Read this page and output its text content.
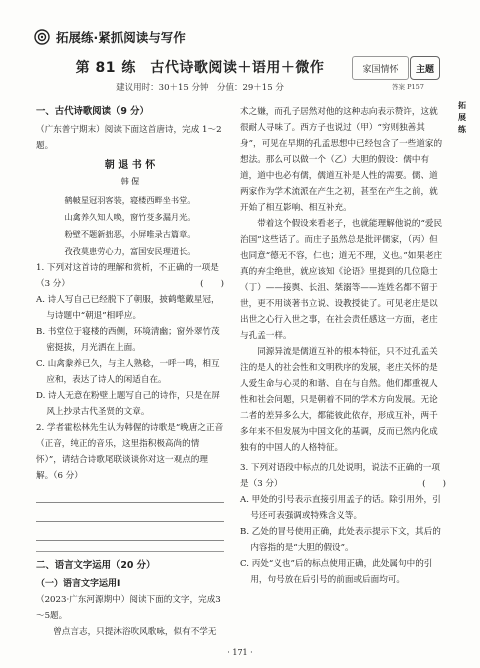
拓展练·紧抓阅读与写作
第 81 练　古代诗歌阅读＋语用＋微作
建议用时：30＋15 分钟　分值：29＋15 分
家国情怀	主题
答案 P157
拓
展
练
一、古代诗歌阅读（9 分）

（广东普宁期末）阅读下面这首唐诗，完成 1～2题。

朝 退 书 怀
韩 偓
鹤帔星冠羽客装，寝楼西畔坐书堂。
山禽养久知人唤，窗竹芟多漏月光。
粉壁不题新拙恶，小屏唯录古篇章。
孜孜莫患劳心力，富国安民理道长。

1. 下列对这首诗的理解和赏析，不正确的一项是（3 分）	(　　)

A. 诗人写自己已经脱下了朝服，披鹤氅戴星冠，与诗题中“朝退”相呼应。

B. 书堂位于寝楼的西侧，环境清幽；窗外翠竹茂密挺拔，月光洒在上面。

C. 山禽豢养已久，与主人熟稔，一呼一鸣，相互应和，表达了诗人的闲适自在。

D. 诗人无意在粉壁上题写自己的诗作，只是在屏风上抄录古代圣贤的文章。

2. 学者霍松林先生认为韩偓的诗歌是“晚唐之正音（正音，纯正的音乐，这里指积极高尚的情怀）”，请结合诗歌尾联谈谈你对这一观点的理解。（6 分）

二、语言文字运用（20 分）
（一）语言文字运用Ⅰ

（2023·广东河源期中）阅读下面的文字，完成3～5题。

曾点言志，只提沐浴吹风歌咏，似有不学无

术之嫌，而孔子居然对他的这种志向表示赞许，这就很耐人寻味了。西方子也说过（甲）“穷则独善其身”，可见在早期的孔孟思想中已经包含了一些道家的想法。那么可以做一个（乙）大胆的假设：儒中有道，道中也必有儒，儒道互补是人性的需要。儒、道两家作为学术流派在产生之初，甚至在产生之前，就开始了相互影响、相互补充。

带着这个假设来看老子，也就能理解他说的“爱民治国”这些话了。而庄子虽然总是批评儒家，（丙）但也同意“德无不容，仁也；道无不理，义也。”如果老庄真的弃尘绝世，就应该知《论语》里提到的几位隐士（丁）——接舆、长沮、桀溺等——连姓名都不留于世，更不用谈著书立说、设教授徒了。可见老庄是以出世之心行入世之事，在社会责任感这一方面，老庄与孔孟一样。

同源异流是儒道互补的根本特征，只不过孔孟关注的是人的社会性和文明秩序的发展，老庄关怀的是人爱生命与心灵的和谐、自在与自然。他们都重视人性和社会问题，只是朝着不同的学术方向发展。无论二者的差异多么大，都能彼此依存，形成互补，两千多年来不但发展为中国文化的基调，反而已然内化成独有的中国人的人格特征。

3. 下列对语段中标点的几处说明，说法不正确的一项是（3 分）	(　　)

A. 甲处的引号表示直接引用孟子的话。除引用外，引号还可表强调或特殊含义等。

B. 乙处的冒号使用正确，此处表示提示下文，其后的内容指的是“大胆的假设”。

C. 丙处“义也”后的标点使用正确，此处属句中的引用，句号放在后引号的前面或后面均可。

· 171 ·
